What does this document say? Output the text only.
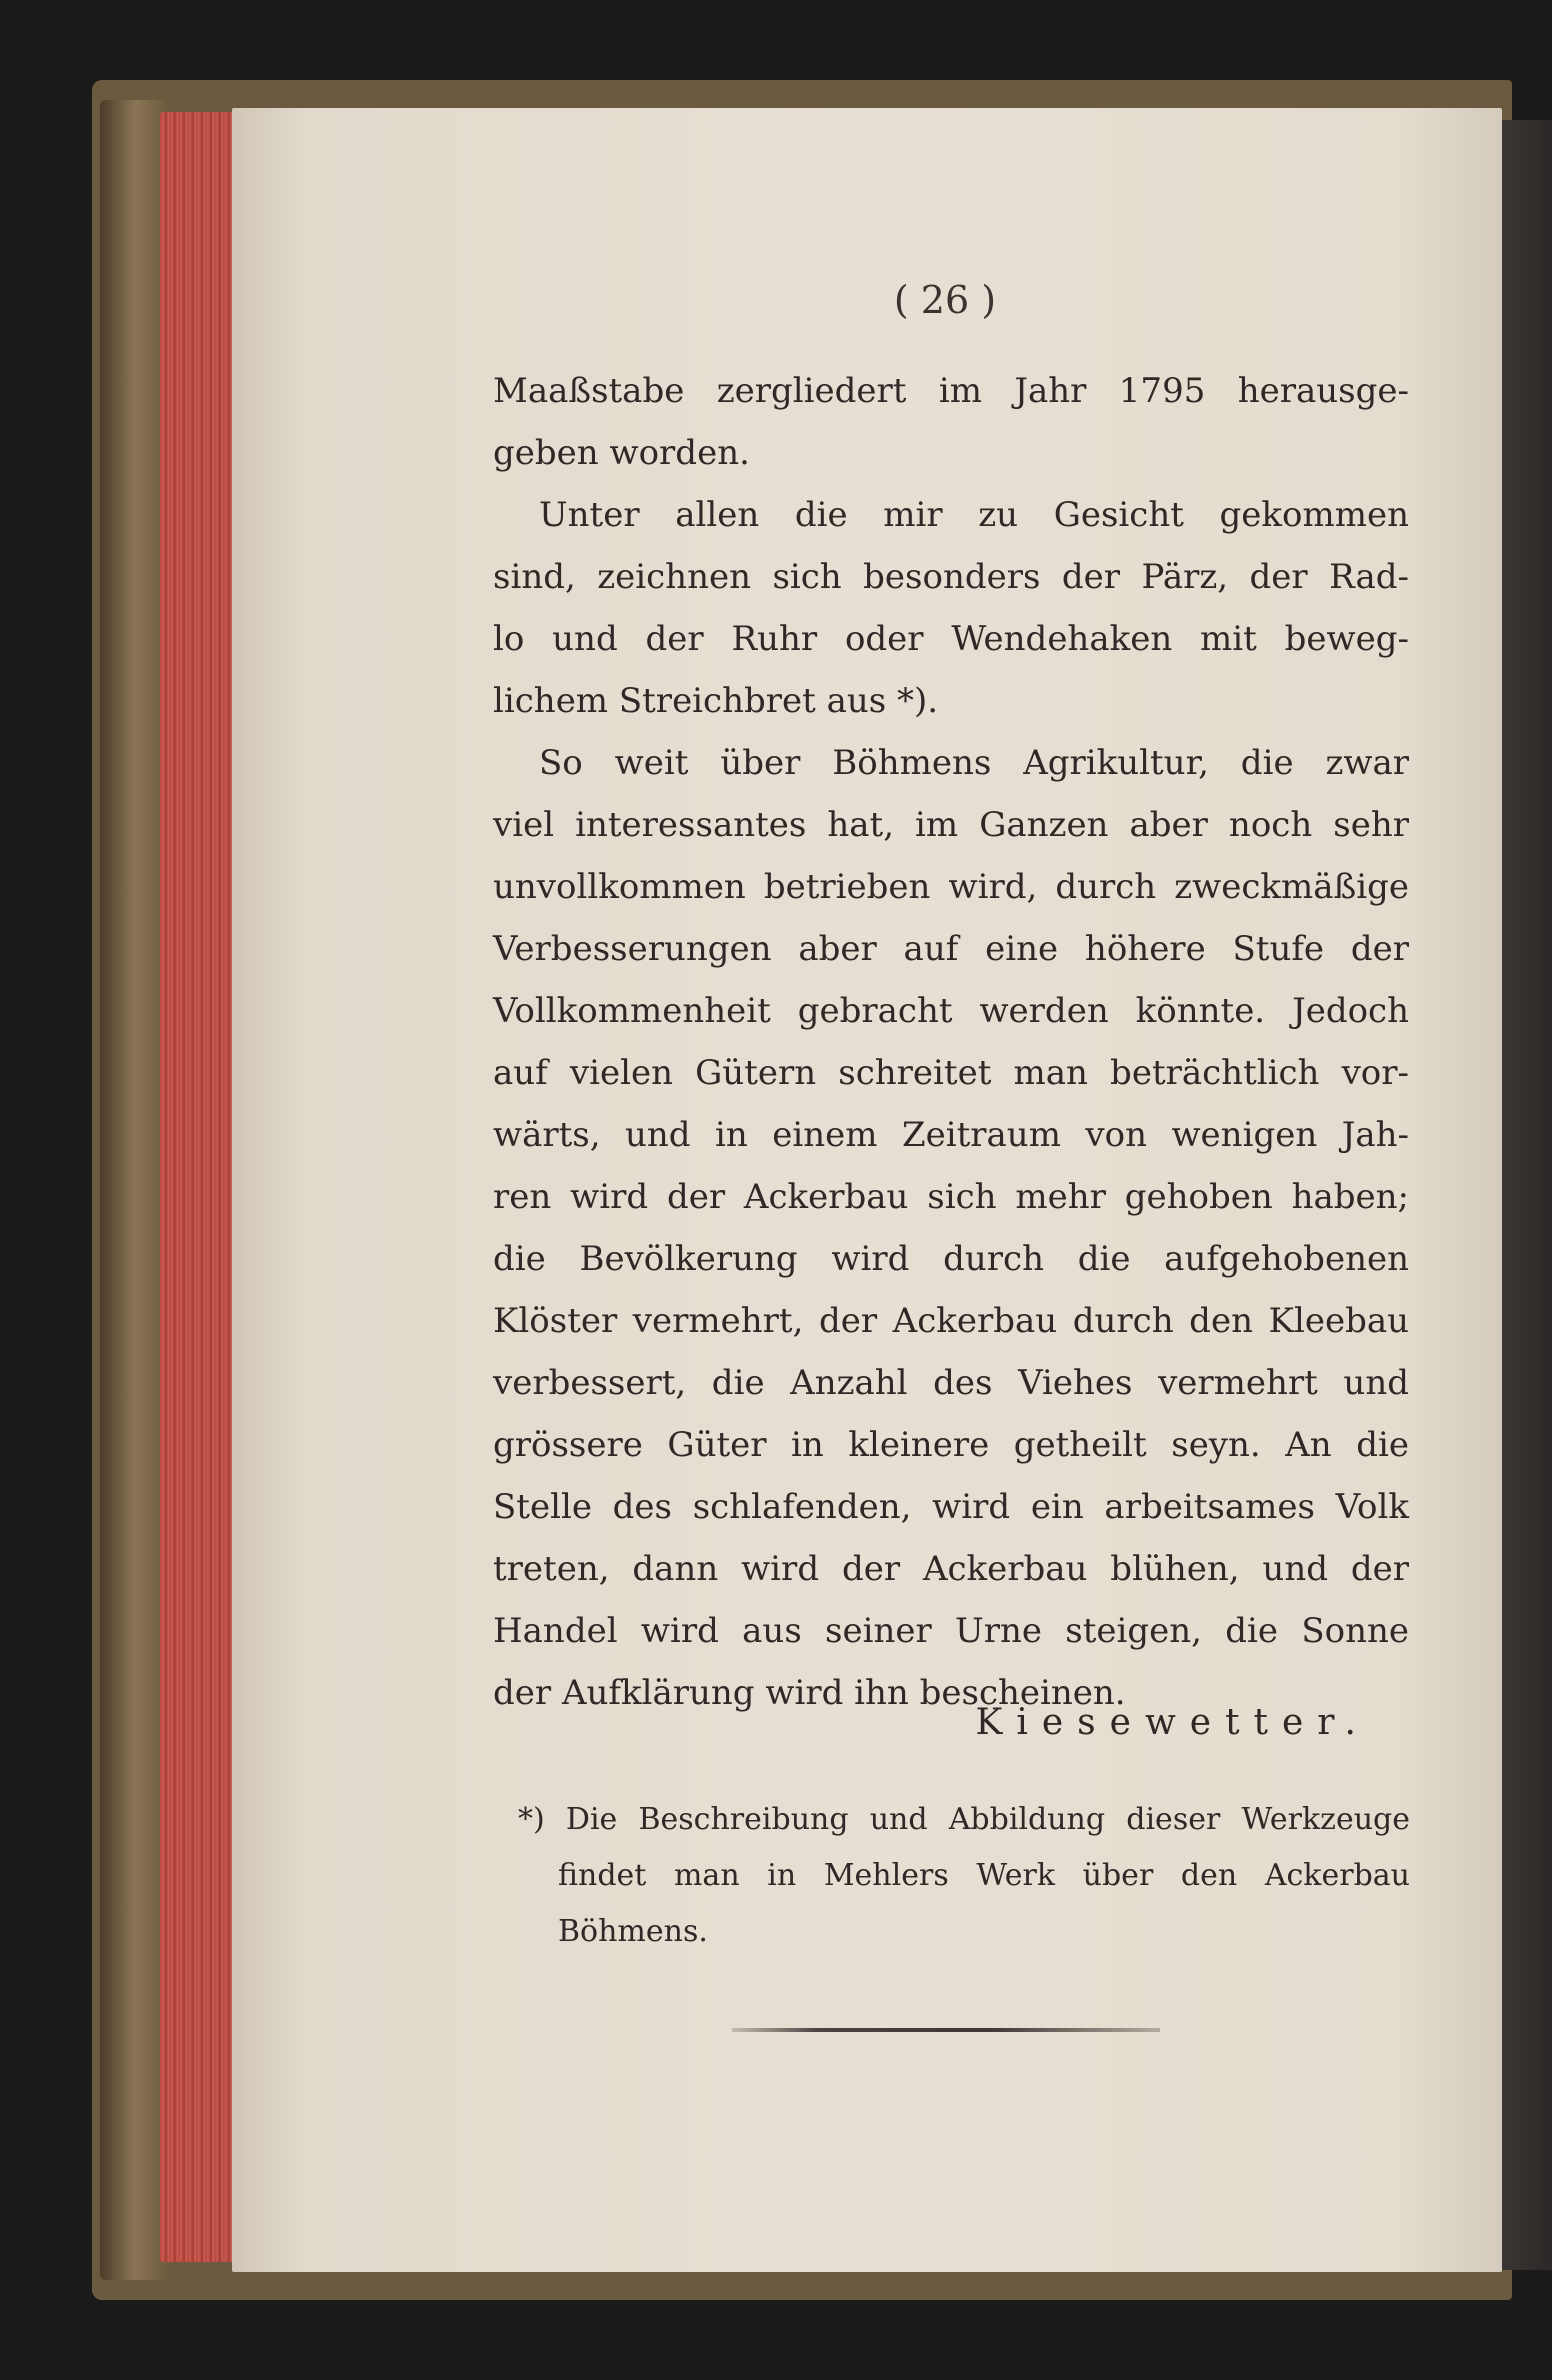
( 26 )
Maaßstabe zergliedert im Jahr 1795 herausge-
geben worden.
Unter allen die mir zu Gesicht gekommen
sind, zeichnen sich besonders der Pärz, der Rad-
lo und der Ruhr oder Wendehaken mit beweg-
lichem Streichbret aus *).
So weit über Böhmens Agrikultur, die zwar
viel interessantes hat, im Ganzen aber noch sehr
unvollkommen betrieben wird, durch zweckmäßige
Verbesserungen aber auf eine höhere Stufe der
Vollkommenheit gebracht werden könnte. Jedoch
auf vielen Gütern schreitet man beträchtlich vor-
wärts, und in einem Zeitraum von wenigen Jah-
ren wird der Ackerbau sich mehr gehoben haben;
die Bevölkerung wird durch die aufgehobenen
Klöster vermehrt, der Ackerbau durch den Kleebau
verbessert, die Anzahl des Viehes vermehrt und
grössere Güter in kleinere getheilt seyn. An die
Stelle des schlafenden, wird ein arbeitsames Volk
treten, dann wird der Ackerbau blühen, und der
Handel wird aus seiner Urne steigen, die Sonne
der Aufklärung wird ihn bescheinen.
Kiesewetter.
*) Die Beschreibung und Abbildung dieser Werkzeuge
findet man in Mehlers Werk über den Ackerbau
Böhmens.
